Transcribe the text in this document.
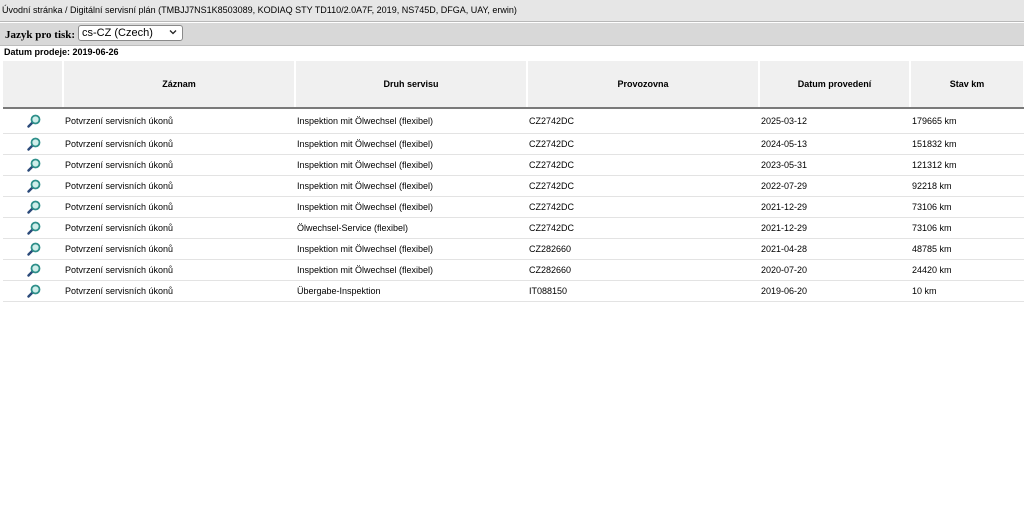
Úvodní stránka / Digitální servisní plán (TMBJJ7NS1K8503089, KODIAQ STY TD110/2.0A7F, 2019, NS745D, DFGA, UAY, erwin)
Jazyk pro tisk: cs-CZ (Czech)
Datum prodeje: 2019-06-26
	Záznam	Druh servisu	Provozovna	Datum provedení	Stav km
	Potvrzení servisních úkonů	Inspektion mit Ölwechsel (flexibel)	CZ2742DC	2025-03-12	179665 km
	Potvrzení servisních úkonů	Inspektion mit Ölwechsel (flexibel)	CZ2742DC	2024-05-13	151832 km
	Potvrzení servisních úkonů	Inspektion mit Ölwechsel (flexibel)	CZ2742DC	2023-05-31	121312 km
	Potvrzení servisních úkonů	Inspektion mit Ölwechsel (flexibel)	CZ2742DC	2022-07-29	92218 km
	Potvrzení servisních úkonů	Inspektion mit Ölwechsel (flexibel)	CZ2742DC	2021-12-29	73106 km
	Potvrzení servisních úkonů	Ölwechsel-Service (flexibel)	CZ2742DC	2021-12-29	73106 km
	Potvrzení servisních úkonů	Inspektion mit Ölwechsel (flexibel)	CZ282660	2021-04-28	48785 km
	Potvrzení servisních úkonů	Inspektion mit Ölwechsel (flexibel)	CZ282660	2020-07-20	24420 km
	Potvrzení servisních úkonů	Übergabe-Inspektion	IT088150	2019-06-20	10 km
